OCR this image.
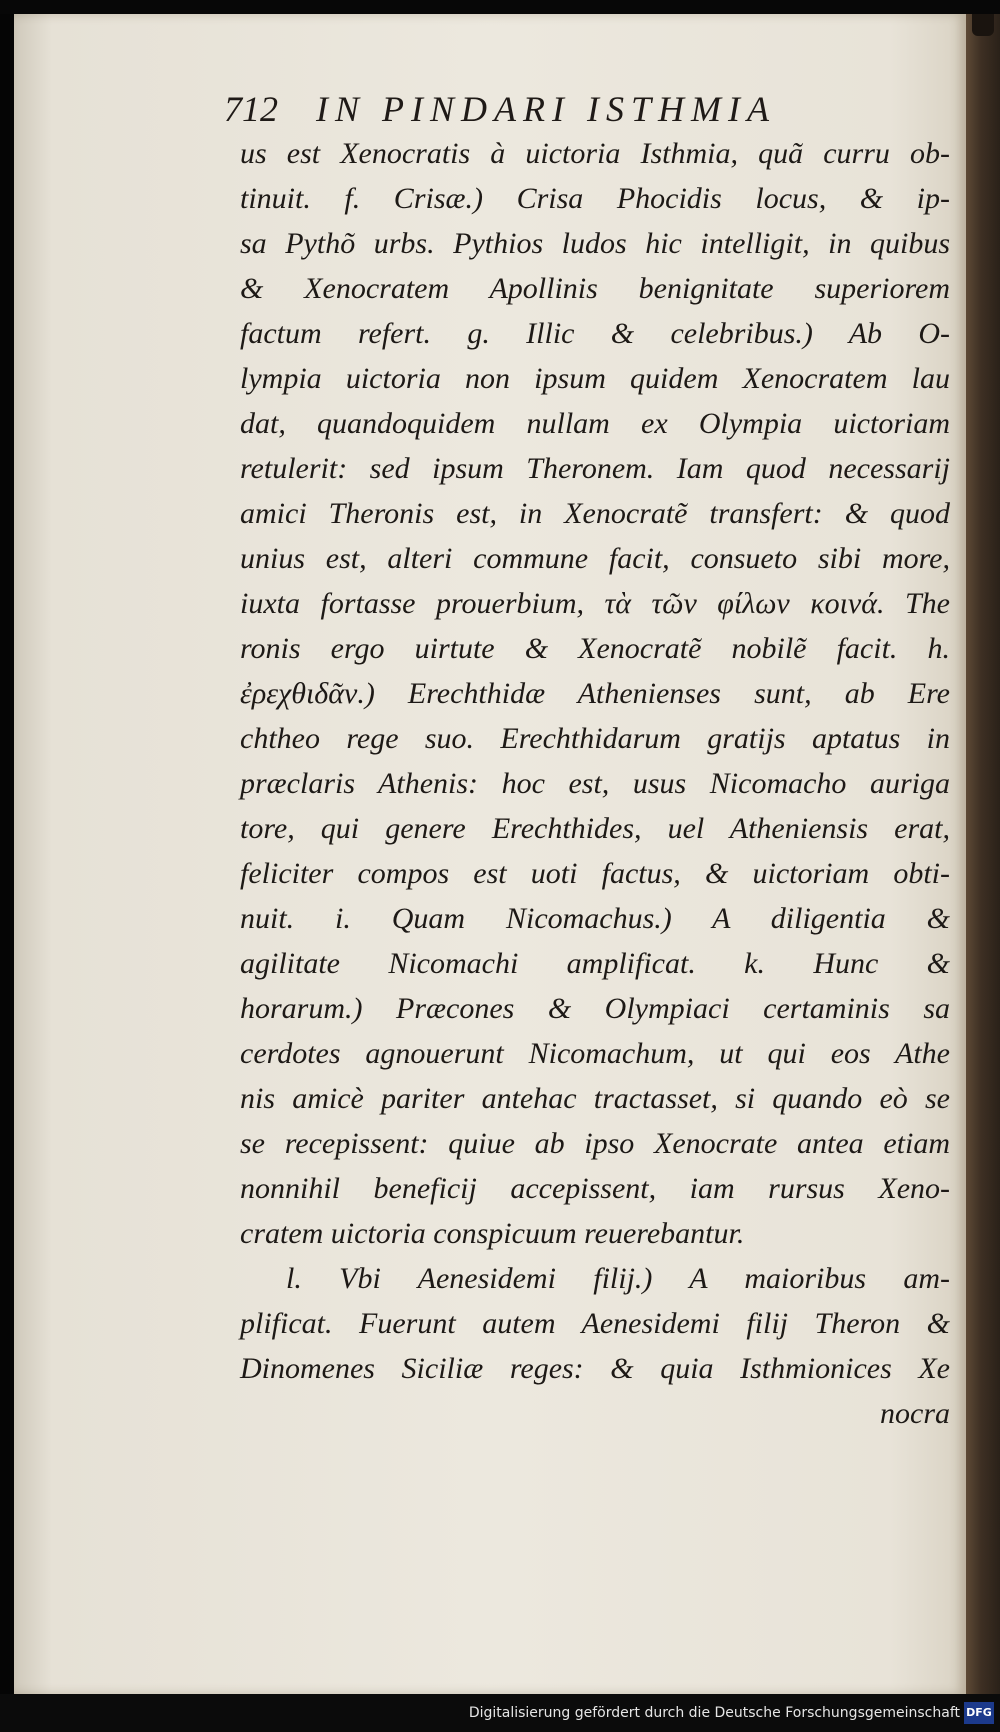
712 IN PINDARI ISTHMIA
us est Xenocratis à uictoria Isthmia, quã curru ob-
tinuit. f. Crisæ.) Crisa Phocidis locus, & ip-
sa Pythõ urbs. Pythios ludos hic intelligit, in quibus
& Xenocratem Apollinis benignitate superiorem
factum refert. g. Illic & celebribus.) Ab O-
lympia uictoria non ipsum quidem Xenocratem lau
dat, quandoquidem nullam ex Olympia uictoriam
retulerit: sed ipsum Theronem. Iam quod necessarij
amici Theronis est, in Xenocratẽ transfert: & quod
unius est, alteri commune facit, consueto sibi more,
iuxta fortasse prouerbium, τὰ τῶν φίλων κοινά. The
ronis ergo uirtute & Xenocratẽ nobilẽ facit. h.
ἐρεχθιδᾶν.) Erechthidæ Athenienses sunt, ab Ere
chtheo rege suo. Erechthidarum gratijs aptatus in
præclaris Athenis: hoc est, usus Nicomacho auriga
tore, qui genere Erechthides, uel Atheniensis erat,
feliciter compos est uoti factus, & uictoriam obti-
nuit. i. Quam Nicomachus.) A diligentia &
agilitate Nicomachi amplificat. k. Hunc &
horarum.) Præcones & Olympiaci certaminis sa
cerdotes agnouerunt Nicomachum, ut qui eos Athe
nis amicè pariter antehac tractasset, si quando eò se
se recepissent: quiue ab ipso Xenocrate antea etiam
nonnihil beneficij accepissent, iam rursus Xeno-
cratem uictoria conspicuum reuerebantur.
l. Vbi Aenesidemi filij.) A maioribus am-
plificat. Fuerunt autem Aenesidemi filij Theron &
Dinomenes Siciliæ reges: & quia Isthmionices Xe
nocra
Digitalisierung gefördert durch die Deutsche Forschungsgemeinschaft DFG
